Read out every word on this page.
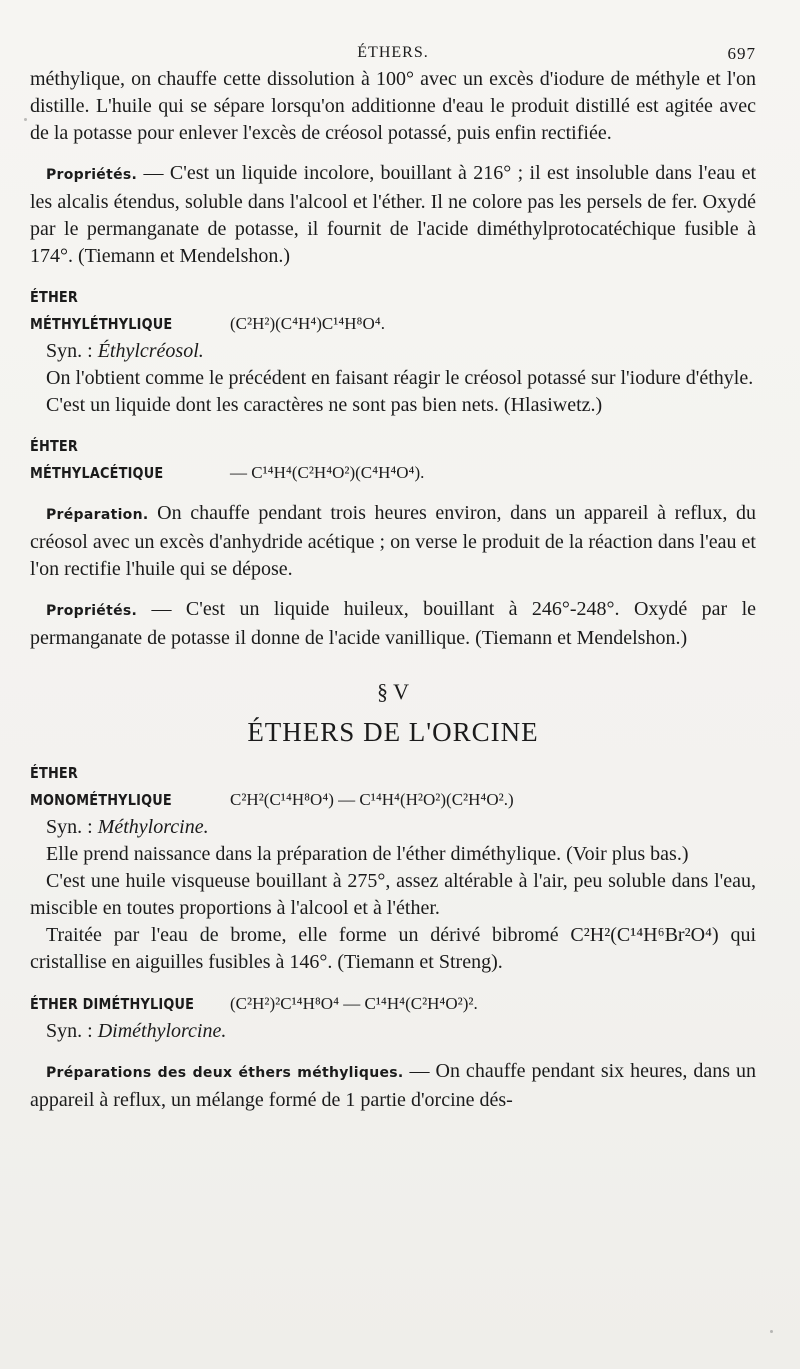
ÉTHERS.	697

méthylique, on chauffe cette dissolution à 100° avec un excès d'iodure de méthyle et l'on distille. L'huile qui se sépare lorsqu'on additionne d'eau le produit distillé est agitée avec de la potasse pour enlever l'excès de créosol potassé, puis enfin rectifiée.

Propriétés. — C'est un liquide incolore, bouillant à 216° ; il est insoluble dans l'eau et les alcalis étendus, soluble dans l'alcool et l'éther. Il ne colore pas les persels de fer. Oxydé par le permanganate de potasse, il fournit de l'acide diméthylprotocatéchique fusible à 174°. (Tiemann et Mendelshon.)

ÉTHER MÉTHYLÉTHYLIQUE	(C²H²)(C⁴H⁴)C¹⁴H⁸O⁴.

Syn. : Éthylcréosol.

On l'obtient comme le précédent en faisant réagir le créosol potassé sur l'iodure d'éthyle.

C'est un liquide dont les caractères ne sont pas bien nets. (Hlasiwetz.)

ÉHTER MÉTHYLACÉTIQUE	— C¹⁴H⁴(C²H⁴O²)(C⁴H⁴O⁴).

Préparation. On chauffe pendant trois heures environ, dans un appareil à reflux, du créosol avec un excès d'anhydride acétique ; on verse le produit de la réaction dans l'eau et l'on rectifie l'huile qui se dépose.

Propriétés. — C'est un liquide huileux, bouillant à 246°-248°. Oxydé par le permanganate de potasse il donne de l'acide vanillique. (Tiemann et Mendelshon.)

§ V

ÉTHERS DE L'ORCINE

ÉTHER MONOMÉTHYLIQUE	C²H²(C¹⁴H⁸O⁴) — C¹⁴H⁴(H²O²)(C²H⁴O².)

Syn. : Méthylorcine.

Elle prend naissance dans la préparation de l'éther diméthylique. (Voir plus bas.)

C'est une huile visqueuse bouillant à 275°, assez altérable à l'air, peu soluble dans l'eau, miscible en toutes proportions à l'alcool et à l'éther.

Traitée par l'eau de brome, elle forme un dérivé bibromé C²H²(C¹⁴H⁶Br²O⁴) qui cristallise en aiguilles fusibles à 146°. (Tiemann et Streng).

ÉTHER DIMÉTHYLIQUE (C²H²)²C¹⁴H⁸O⁴ — C¹⁴H⁴(C²H⁴O²)².

Syn. : Diméthylorcine.

Préparations des deux éthers méthyliques. — On chauffe pendant six heures, dans un appareil à reflux, un mélange formé de 1 partie d'orcine dés-
